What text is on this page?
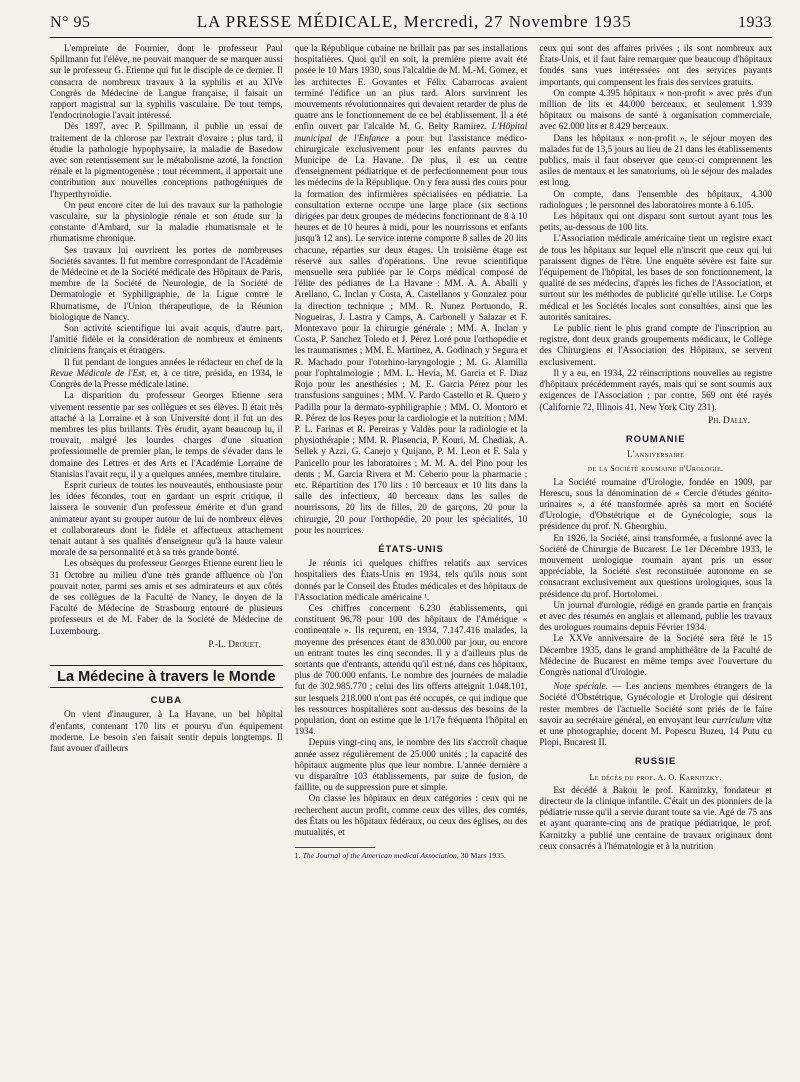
N° 95	LA PRESSE MÉDICALE, Mercredi, 27 Novembre 1935	1933

L'empreinte de Fournier, dont le professeur Paul Spillmann fut l'élève, ne pouvait manquer de se marquer aussi sur le professeur G. Etienne qui fut le disciple de ce dernier. Il consacra de nombreux travaux à la syphilis et au XIVe Congrès de Médecine de Langue française, il faisait un rapport magistral sur la syphilis vasculaire. De tout temps, l'endocrinologie l'avait intéressé.

Dès 1897, avec P. Spillmann, il publie un essai de traitement de la chlorose par l'extrait d'ovaire ; plus tard, il étudie la pathologie hypophysaire, la maladie de Basedow avec son retentissement sur le métabolisme azoté, la fonction rénale et la pigmentogenèse ; tout récemment, il apportait une contribution aux nouvelles conceptions pathogéniques de l'hyperthyroïdie.

On peut encore citer de lui des travaux sur la pathologie vasculaire, sur la physiologie rénale et son étude sur la constante d'Ambard, sur la maladie rhumatismale et le rhumatisme chronique.

Ses travaux lui ouvrirent les portes de nombreuses Sociétés savantes. Il fut membre correspondant de l'Académie de Médecine et de la Société médicale des Hôpitaux de Paris, membre de la Société de Neurologie, de la Société de Dermatologie et Syphiligraphie, de la Ligue contre le Rhumatisme, de l'Union thérapeutique, de la Réunion biologique de Nancy.

Son activité scientifique lui avait acquis, d'autre part, l'amitié fidèle et la considération de nombreux et éminents cliniciens français et étrangers.

Il fut pendant de longues années le rédacteur en chef de la Revue Médicale de l'Est, et, à ce titre, présida, en 1934, le Congrès de la Presse médicale latine.

La disparition du professeur Georges Etienne sera vivement ressentie par ses collègues et ses élèves. Il était très attaché à la Lorraine et à son Université dont il fut un des membres les plus brillants. Très érudit, ayant beaucoup lu, il trouvait, malgré les lourdes charges d'une situation professionnelle de premier plan, le temps de s'évader dans le domaine des Lettres et des Arts et l'Académie Lorraine de Stanislas l'avait reçu, il y a quelques années, membre titulaire.

Esprit curieux de toutes les nouveautés, enthousiaste pour les idées fécondes, tout en gardant un esprit critique, il laissera le souvenir d'un professeur émérite et d'un grand animateur ayant su grouper autour de lui de nombreux élèves et collaborateurs dont le fidèle et affectueux attachement tenait autant à ses qualités d'enseigneur qu'à la haute valeur morale de sa personnalité et à sa très grande bonté.

Les obsèques du professeur Georges Etienne eurent lieu le 31 Octobre au milieu d'une très grande affluence où l'on pouvait noter, parmi ses amis et ses admirateurs et aux côtés de ses collègues de la Faculté de Nancy, le doyen de la Faculté de Médecine de Strasbourg entouré de plusieurs professeurs et de M. Faber de la Société de Médecine de Luxembourg.

P.-L. Drouet.

La Médecine à travers le Monde
CUBA

On vient d'inaugurer, à La Havane, un bel hôpital d'enfants, contenant 170 lits et pourvu d'un équipement moderne. Le besoin s'en faisait sentir depuis longtemps. Il faut avouer d'ailleurs

que la République cubaine ne brillait pas par ses installations hospitalières. Quoi qu'il en soit, la première pierre avait été posée le 10 Mars 1930, sous l'alcaldie de M. M.-M. Gomez, et les architectes E. Govantes et Félix Cabarrocas avaient terminé l'édifice un an plus tard. Alors survinrent les mouvements révolutionnaires qui devaient retarder de plus de quatre ans le fonctionnement de ce bel établissement. Il a été enfin ouvert par l'alcalde M. G. Belty Ramirez. L'Hôpital municipal de l'Enfance a pour but l'assistance médico-chirurgicale exclusivement pour les enfants pauvres du Municipe de La Havane. De plus, il est un centre d'enseignement pédiatrique et de perfectionnement pour tous les médecins de la République. On y fera aussi des cours pour la formation des infirmières spécialisées en pédiatrie. La consultation externe occupe une large place (six sections dirigées par deux groupes de médecins fonctionnant de 8 à 10 heures et de 10 heures à midi, pour les nourrissons et enfants jusqu'à 12 ans). Le service interne comporte 8 salles de 20 lits chacune, réparties sur deux étages. Un troisième étage est réservé aux salles d'opérations. Une revue scientifique mensuelle sera publiée par le Corps médical composé de l'élite des pédiatres de La Havane : MM. A. A. Aballi y Arellano, C. Inclan y Costa, A. Castellanos y Gonzalez pour la direction technique ; MM. R. Nunez Portuondo, R. Nogueiras, J. Lastra y Camps, A. Carbonell y Salazar et F. Montexavo pour la chirurgie générale ; MM. A. Inclan y Costa, P. Sanchez Toledo et J. Pérez Loré pour l'orthopédie et les traumatismes ; MM. E. Martinez, A. Godinach y Segura et R. Machado pour l'otorhino-laryngologie ; M. G. Alamilla pour l'ophtalmologie ; MM. L. Hevia, M. Garcia et F. Diaz Rojo pour les anesthésies ; M. E. Garcia Pérez pour les transfusions sanguines ; MM. V. Pardo Castello et R. Quero y Padilla pour la dermato-syphiligraphie ; MM. O. Montoro et R. Pérez de los Reyes pour la cardiologie et la nutrition ; MM. P. L. Farinas et R. Pereiras y Valdès pour la radiologie et la physiothérapie ; MM. R. Plasencia, P. Kouri, M. Chediak, A. Sellek y Azzi, G. Canejo y Quijano, P. M. Leon et F. Sala y Panicello pour les laboratoires ; M. M. A. del Pino pour les dents ; M. Garcia Rivera et M. Ceberio pour la pharmacie ; etc. Répartition des 170 lits : 10 berceaux et 10 lits dans la salle des infectieux, 40 berceaux dans les salles de nourrissons, 20 lits de filles, 20 de garçons, 20 pour la chirurgie, 20 pour l'orthopédie, 20 pour les spécialités, 10 pour les nourrices.

ÉTATS-UNIS

Je réunis ici quelques chiffres relatifs aux services hospitaliers des États-Unis en 1934, tels qu'ils nous sont donnés par le Conseil des Études médicales et des hôpitaux de l'Association médicale américaine ¹.

Ces chiffres concernent 6.230 établissements, qui constituent 96,78 pour 100 des hôpitaux de l'Amérique « continentale ». Ils reçurent, en 1934, 7.147.416 malades, la moyenne des présences étant de 830.000 par jour, ou encore un entrant toutes les cinq secondes. Il y a d'ailleurs plus de sortants que d'entrants, attendu qu'il est né, dans ces hôpitaux, plus de 700.000 enfants. Le nombre des journées de maladie fut de 302.985.770 ; celui des lits offerts atteignit 1.048.101, sur lesquels 218.000 n'ont pas été occupés, ce qui indique que les ressources hospitalières sont au-dessus des besoins de la population, dont on estime que le 1/17e fréquenta l'hôpital en 1934.

Depuis vingt-cinq ans, le nombre des lits s'accroît chaque année assez régulièrement de 25.000 unités ; la capacité des hôpitaux augmente plus que leur nombre. L'année dernière a vu disparaître 103 établissements, par suite de fusion, de faillite, ou de suppression pure et simple.

On classe les hôpitaux en deux catégories : ceux qui ne recherchent aucun profit, comme ceux des villes, des comtés, des États ou les hôpitaux fédéraux, ou ceux des églises, ou des mutualités, et

1. The Journal of the American medical Association, 30 Mars 1935.

ceux qui sont des affaires privées ; ils sont nombreux aux États-Unis, et il faut faire remarquer que beaucoup d'hôpitaux fondés sans vues intéressées ont des services payants importants, qui compensent les frais des services gratuits.

On compte 4.395 hôpitaux « non-profit » avec près d'un million de lits et 44.000 berceaux, et seulement 1.939 hôpitaux ou maisons de santé à organisation commerciale, avec 62.000 lits et 8.429 berceaux.

Dans les hôpitaux « non-profit », le séjour moyen des malades fut de 13,5 jours au lieu de 21 dans les établissements publics, mais il faut observer que ceux-ci comprennent les asiles de mentaux et les sanatoriums, où le séjour des malades est long.

On compte, dans l'ensemble des hôpitaux, 4.300 radiologues ; le personnel des laboratoires monte à 6.105.

Les hôpitaux qui ont disparu sont surtout ayant tous les petits, au-dessous de 100 lits.

L'Association médicale américaine tient un registre exact de tous les hôpitaux sur lequel elle n'inscrit que ceux qui lui paraissent dignes de l'être. Une enquête sévère est faite sur l'équipement de l'hôpital, les bases de son fonctionnement, la qualité de ses médecins, d'après les fiches de l'Association, et surtout sur les méthodes de publicité qu'elle utilise. Le Corps médical et les Sociétés locales sont consultées, ainsi que les autorités sanitaires.

Le public tient le plus grand compte de l'inscription au registre, dont deux grands groupements médicaux, le Collège des Chirurgiens et l'Association des Hôpitaux, se servent exclusivement.

Il y a eu, en 1934, 22 réinscriptions nouvelles au registre d'hôpitaux précédemment rayés, mais qui se sont soumis aux exigences de l'Association ; par contre, 569 ont été rayés (Californie 72, Illinois 41, New York City 231).

Ph. Dally.

ROUMANIE
L'anniversaire
de la Société roumaine d'Urologie.

La Société roumaine d'Urologie, fondée en 1909, par Herescu, sous la dénomination de « Cercle d'études génito-urinaires », a été transformée après sa mort en Société d'Urologie, d'Obstétrique et de Gynécologie, sous la présidence du prof. N. Gheorghiu.

En 1926, la Société, ainsi transformée, a fusionné avec la Société de Chirurgie de Bucarest. Le 1er Décembre 1933, le mouvement urologique roumain ayant pris un essor appréciable, la Société s'est reconstituée autonome en se consacrant exclusivement aux questions urologiques, sous la présidence du prof. Hortolomei.

Un journal d'urologie, rédigé en grande partie en français et avec des résumés en anglais et allemand, publie les travaux des urologues roumains depuis Février 1934.

Le XXVe anniversaire de la Société sera fêté le 15 Décembre 1935, dans le grand amphithéâtre de la Faculté de Médecine de Bucarest en même temps avec l'ouverture du Congrès national d'Urologie.

Note spéciale. — Les anciens membres étrangers de la Société d'Obstétrique, Gynécologie et Urologie qui désirent rester membres de l'actuelle Société sont priés de le faire savoir au secrétaire général, en envoyant leur curriculum vitæ et une photographie, docent M. Popescu Buzeu, 14 Putu cu Plopi, Bucarest II.

RUSSIE
Le décès du prof. A. O. Karnitzky.

Est décédé à Bakou le prof. Karnitzky, fondateur et directeur de la clinique infantile. C'était un des pionniers de la pédiatrie russe qu'il a servie durant toute sa vie. Agé de 75 ans et ayant quarante-cinq ans de pratique pédiatrique, le prof. Karnitzky a publié une centaine de travaux originaux dont ceux consacrés à l'hématologie et à la nutrition
